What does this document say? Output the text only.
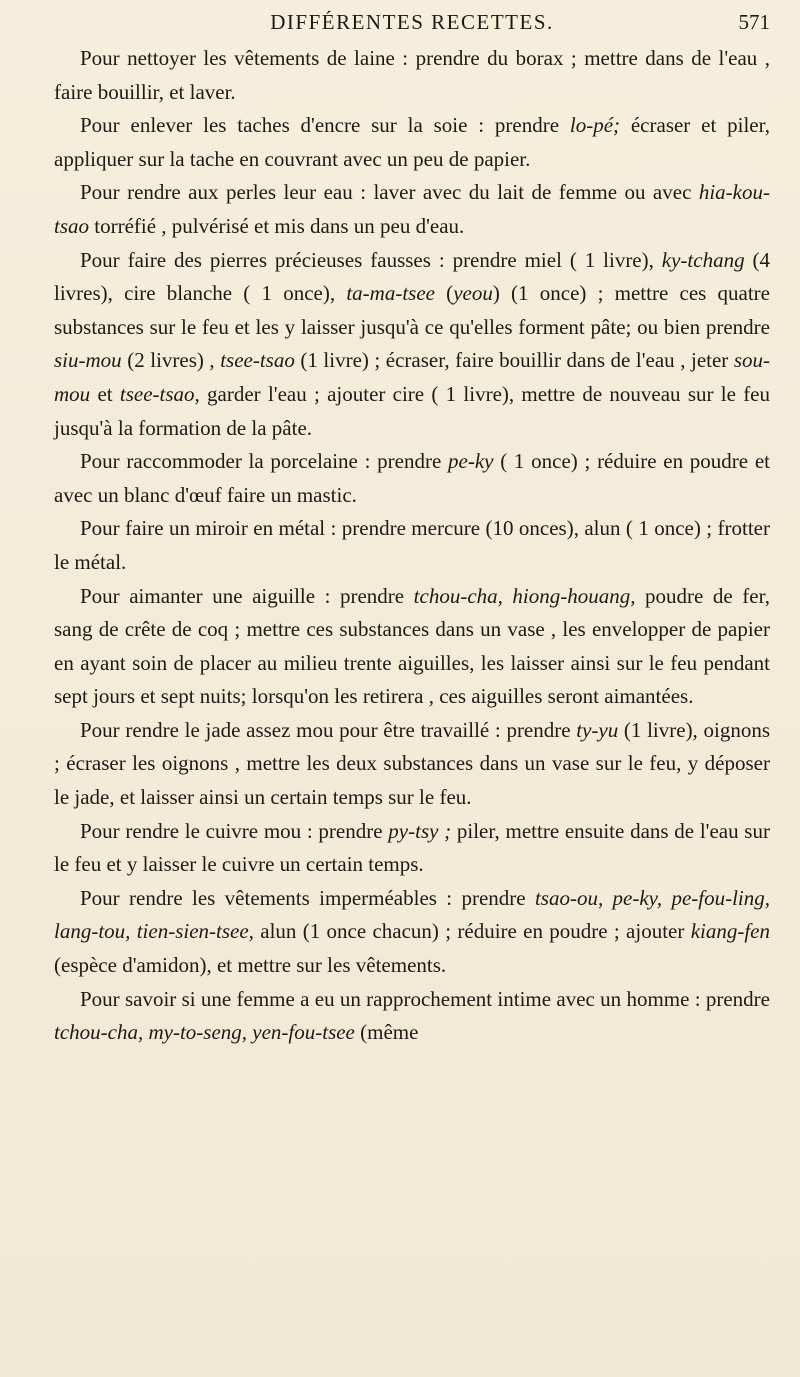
DIFFÉRENTES RECETTES.	571

Pour nettoyer les vêtements de laine : prendre du borax ; mettre dans de l'eau , faire bouillir, et laver.

Pour enlever les taches d'encre sur la soie : prendre lo-pé; écraser et piler, appliquer sur la tache en couvrant avec un peu de papier.

Pour rendre aux perles leur eau : laver avec du lait de femme ou avec hia-kou-tsao torréfié , pulvérisé et mis dans un peu d'eau.

Pour faire des pierres précieuses fausses : prendre miel ( 1 livre), ky-tchang (4 livres), cire blanche ( 1 once), ta-ma-tsee (yeou) (1 once) ; mettre ces quatre substances sur le feu et les y laisser jusqu'à ce qu'elles forment pâte; ou bien prendre siu-mou (2 livres) , tsee-tsao (1 livre) ; écraser, faire bouillir dans de l'eau , jeter sou-mou et tsee-tsao, garder l'eau ; ajouter cire ( 1 livre), mettre de nouveau sur le feu jusqu'à la formation de la pâte.

Pour raccommoder la porcelaine : prendre pe-ky ( 1 once) ; réduire en poudre et avec un blanc d'œuf faire un mastic.

Pour faire un miroir en métal : prendre mercure (10 onces), alun ( 1 once) ; frotter le métal.

Pour aimanter une aiguille : prendre tchou-cha, hiong-houang, poudre de fer, sang de crête de coq ; mettre ces substances dans un vase , les envelopper de papier en ayant soin de placer au milieu trente aiguilles, les laisser ainsi sur le feu pendant sept jours et sept nuits; lorsqu'on les retirera , ces aiguilles seront aimantées.

Pour rendre le jade assez mou pour être travaillé : prendre ty-yu (1 livre), oignons ; écraser les oignons , mettre les deux substances dans un vase sur le feu, y déposer le jade, et laisser ainsi un certain temps sur le feu.

Pour rendre le cuivre mou : prendre py-tsy ; piler, mettre ensuite dans de l'eau sur le feu et y laisser le cuivre un certain temps.

Pour rendre les vêtements imperméables : prendre tsao-ou, pe-ky, pe-fou-ling, lang-tou, tien-sien-tsee, alun (1 once chacun) ; réduire en poudre ; ajouter kiang-fen (espèce d'amidon), et mettre sur les vêtements.

Pour savoir si une femme a eu un rapprochement intime avec un homme : prendre tchou-cha, my-to-seng, yen-fou-tsee (même
